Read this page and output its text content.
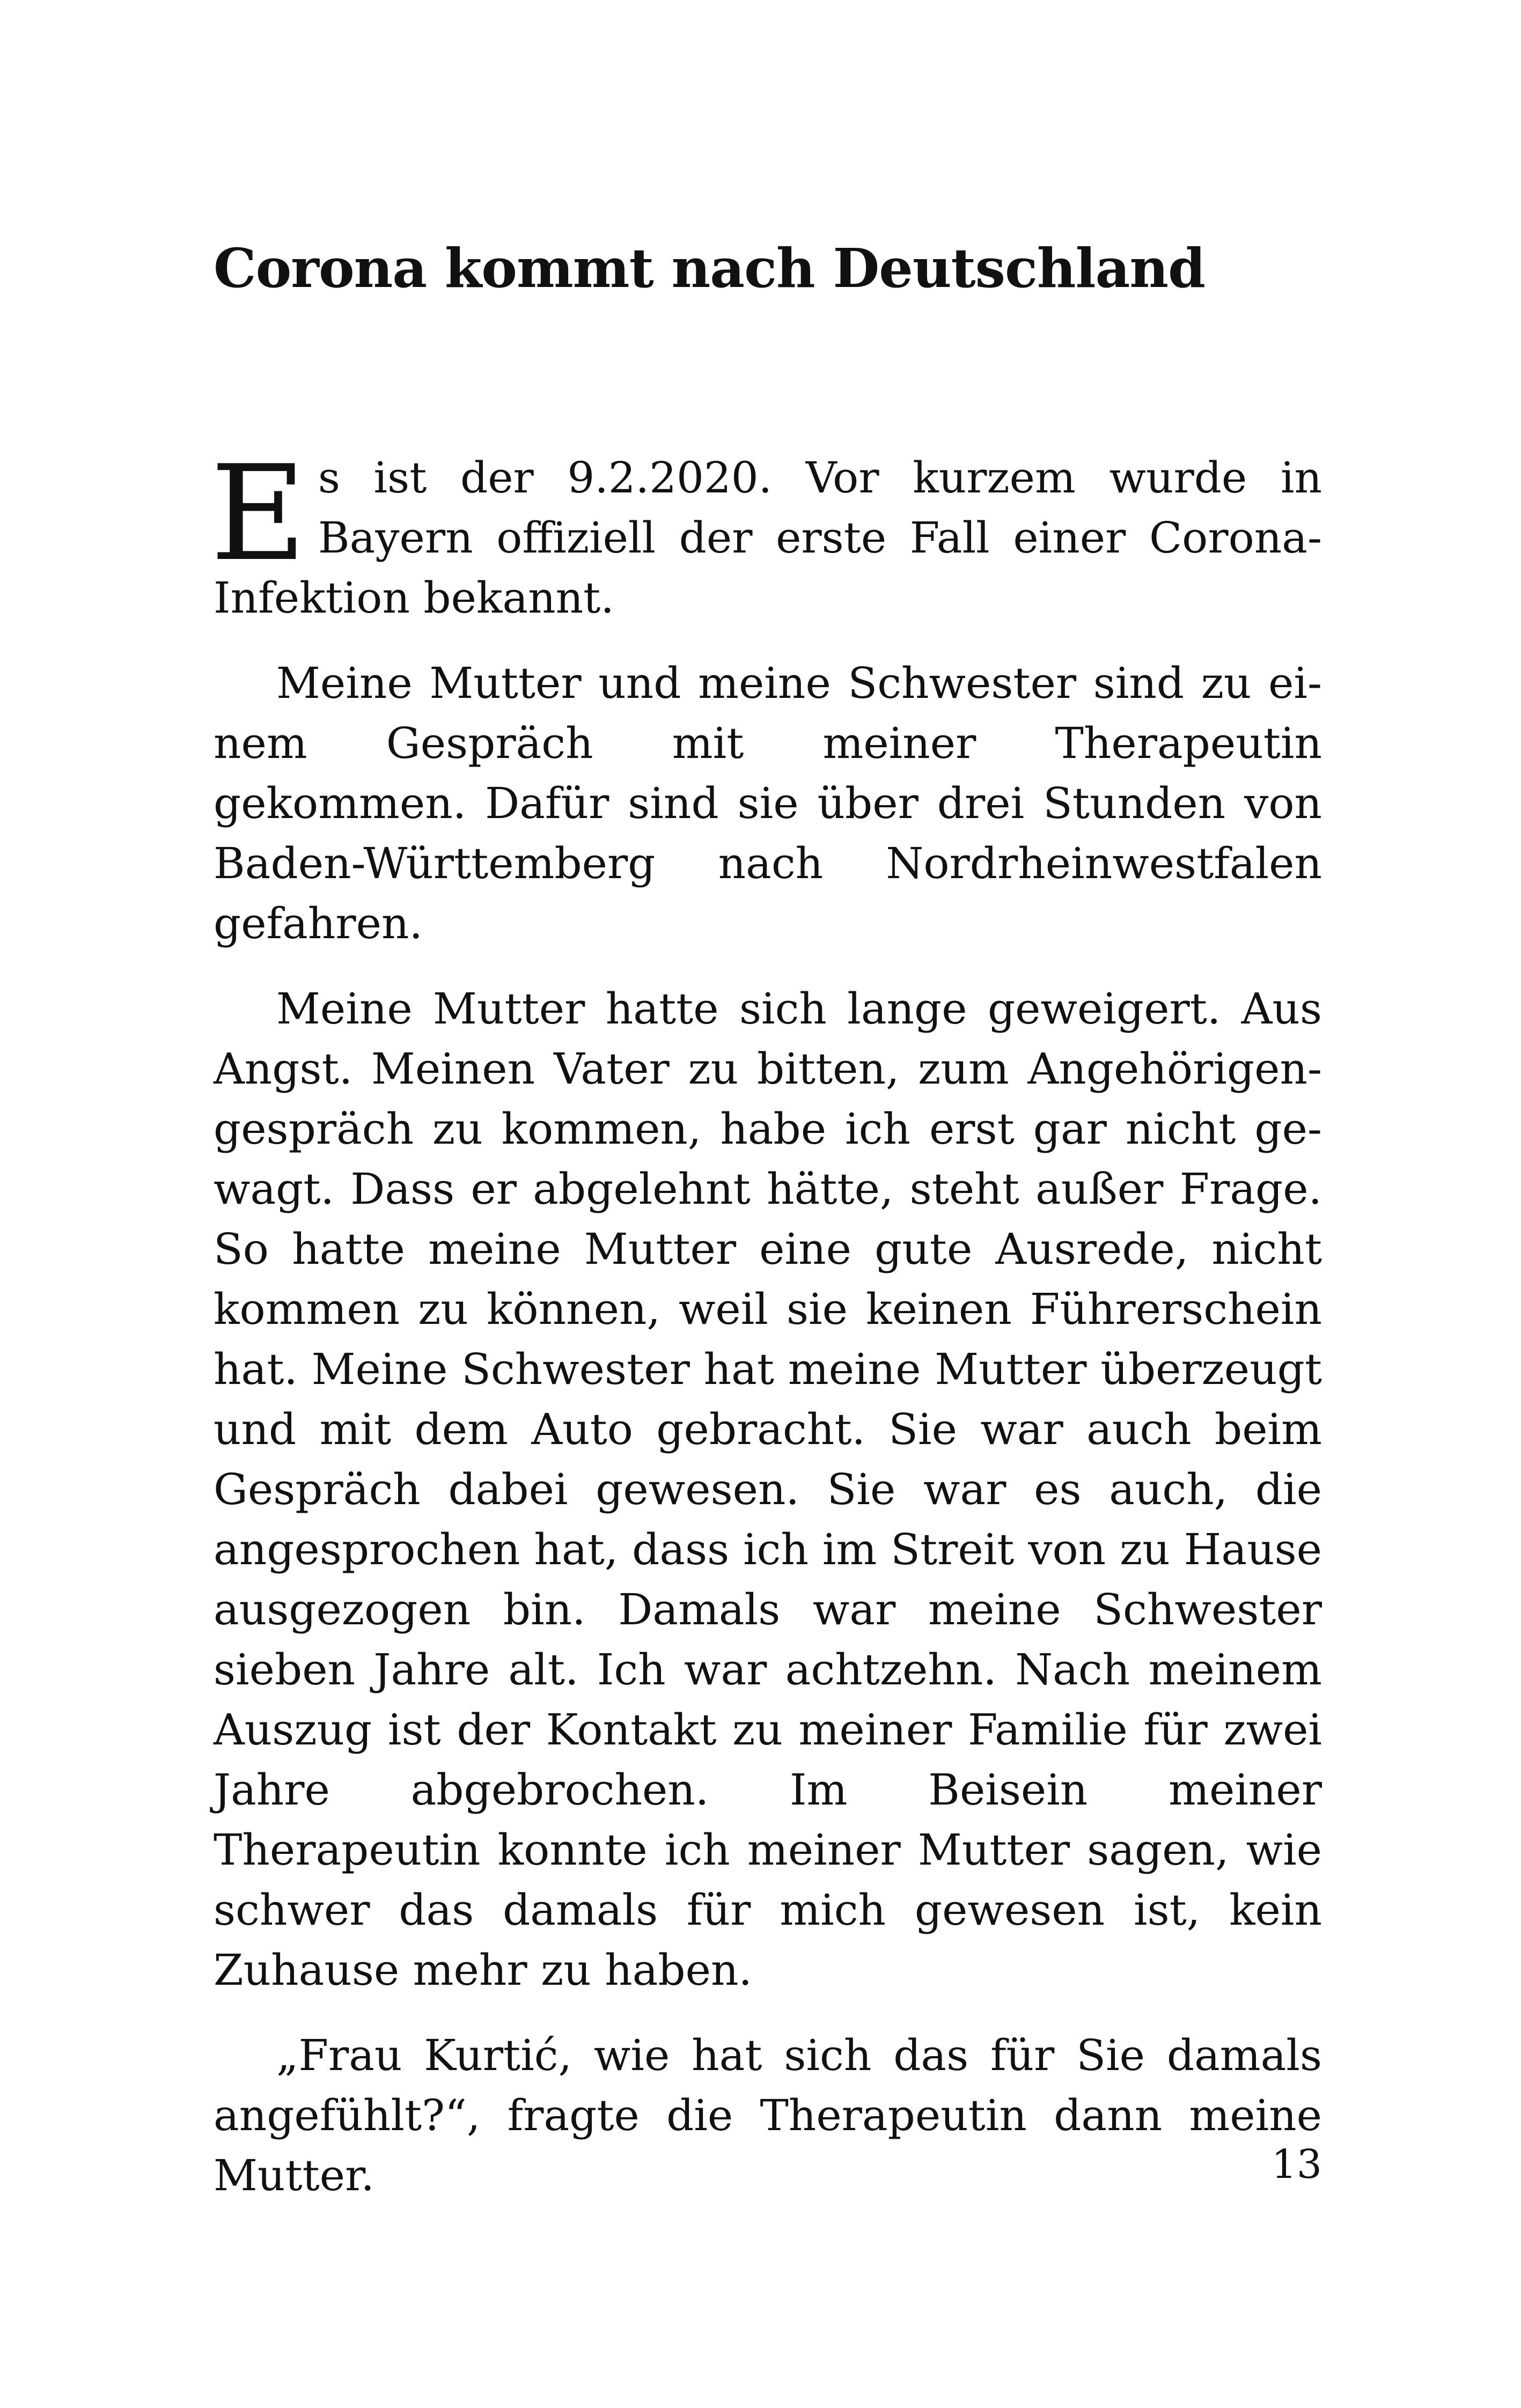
Corona kommt nach Deutschland

Es ist der 9.2.2020. Vor kurzem wurde in Bayern offiziell der erste Fall einer Corona-Infektion bekannt.

Meine Mutter und meine Schwester sind zu einem Gespräch mit meiner Therapeutin gekommen. Dafür sind sie über drei Stunden von Baden-Württemberg nach Nordrheinwestfalen gefahren.

Meine Mutter hatte sich lange geweigert. Aus Angst. Meinen Vater zu bitten, zum Angehörigengespräch zu kommen, habe ich erst gar nicht gewagt. Dass er abgelehnt hätte, steht außer Frage. So hatte meine Mutter eine gute Ausrede, nicht kommen zu können, weil sie keinen Führerschein hat. Meine Schwester hat meine Mutter überzeugt und mit dem Auto gebracht. Sie war auch beim Gespräch dabei gewesen. Sie war es auch, die angesprochen hat, dass ich im Streit von zu Hause ausgezogen bin. Damals war meine Schwester sieben Jahre alt. Ich war achtzehn. Nach meinem Auszug ist der Kontakt zu meiner Familie für zwei Jahre abgebrochen. Im Beisein meiner Therapeutin konnte ich meiner Mutter sagen, wie schwer das damals für mich gewesen ist, kein Zuhause mehr zu haben.

„Frau Kurtić, wie hat sich das für Sie damals angefühlt?“, fragte die Therapeutin dann meine Mutter.	13
